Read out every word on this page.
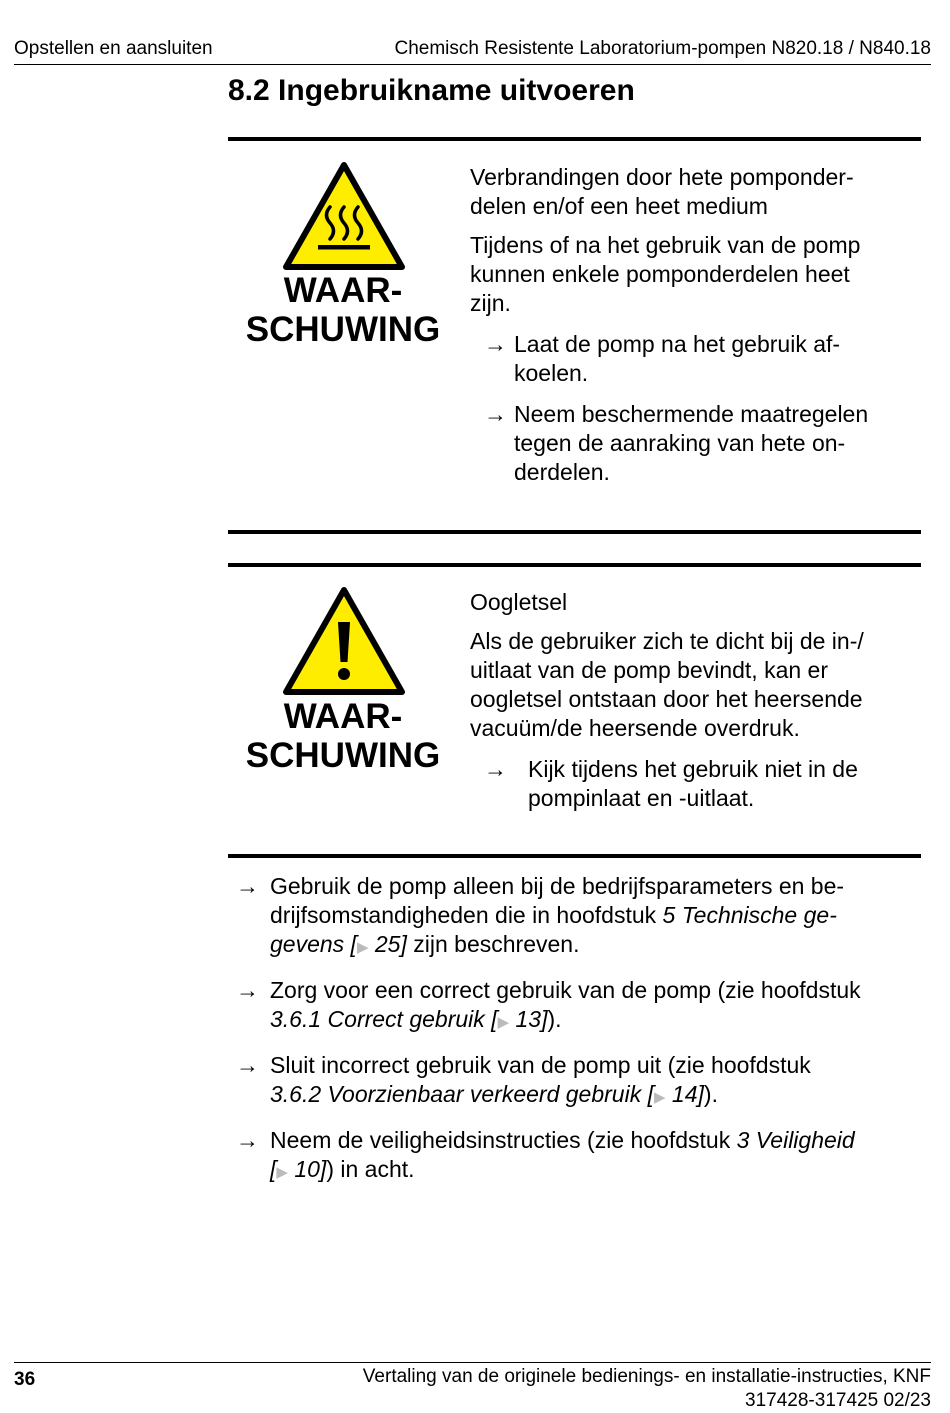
Opstellen en aansluiten	Chemisch Resistente Laboratorium-pompen N820.18 / N840.18
8.2 Ingebruikname uitvoeren
WAAR-
SCHUWING

Verbrandingen door hete pomponder-
delen en/of een heet medium

Tijdens of na het gebruik van de pomp
kunnen enkele pomponderdelen heet
zijn.

→ Laat de pomp na het gebruik af-
koelen.
→ Neem beschermende maatregelen
tegen de aanraking van hete on-
derdelen.
WAAR-
SCHUWING

Oogletsel

Als de gebruiker zich te dicht bij de in-/
uitlaat van de pomp bevindt, kan er
oogletsel ontstaan door het heersende
vacuüm/de heersende overdruk.

→ Kijk tijdens het gebruik niet in de
pompinlaat en -uitlaat.
→ Gebruik de pomp alleen bij de bedrijfsparameters en be-
drijfsomstandigheden die in hoofdstuk 5 Technische ge-
gevens [▶ 25] zijn beschreven.
→ Zorg voor een correct gebruik van de pomp (zie hoofdstuk
3.6.1 Correct gebruik [▶ 13]).
→ Sluit incorrect gebruik van de pomp uit (zie hoofdstuk
3.6.2 Voorzienbaar verkeerd gebruik [▶ 14]).
→ Neem de veiligheidsinstructies (zie hoofdstuk 3 Veiligheid
[▶ 10]) in acht.
36	Vertaling van de originele bedienings- en installatie-instructies, KNF
317428-317425 02/23
